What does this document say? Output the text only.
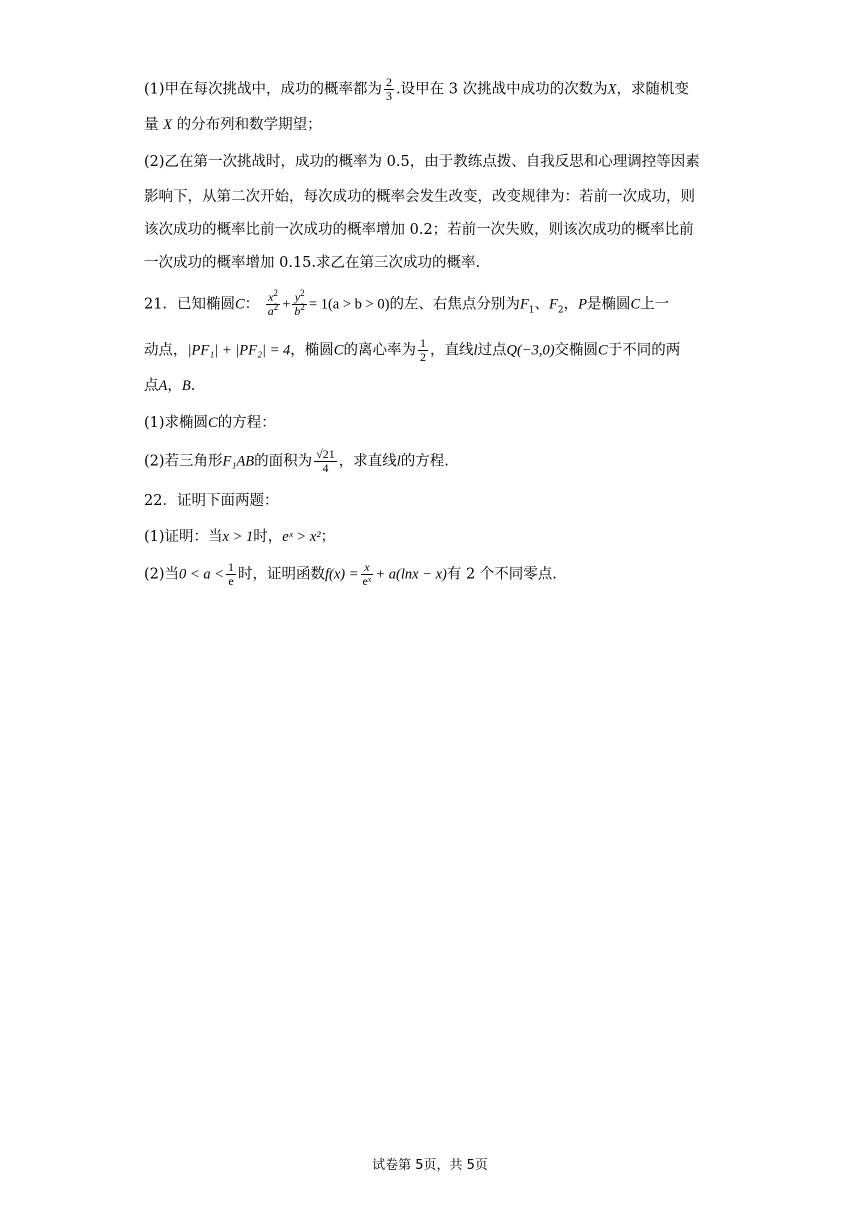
(1)甲在每次挑战中，成功的概率都为 $\frac{2}{3}$ .设甲在 3 次挑战中成功的次数为X，求随机变
量 X 的分布列和数学期望；
(2)乙在第一次挑战时，成功的概率为 0.5，由于教练点拨、自我反思和心理调控等因素
影响下，从第二次开始，每次成功的概率会发生改变，改变规律为：若前一次成功，则
该次成功的概率比前一次成功的概率增加 0.2；若前一次失败，则该次成功的概率比前
一次成功的概率增加 0.15.求乙在第三次成功的概率.
21．已知椭圆C： $\frac{x^2}{a^2} + \frac{y^2}{b^2} = 1(a > b > 0)$的左、右焦点分别为$F_1$、$F_2$，P是椭圆C上一
动点，|PF₁| + |PF₂| = 4，椭圆C的离心率为 $\frac{1}{2}$ ，直线l过点Q(−3,0)交椭圆C于不同的两
点A，B.
(1)求椭圆C的方程：
(2)若三角形F₁AB的面积为 $\frac{√21}{4}$ ，求直线l的方程.
22．证明下面两题：
(1)证明：当x > 1时，eˣ > x²；
(2)当$0 < a < \frac{1}{e}$ 时，证明函数$f(x) = \frac{x}{\text{eˣ}} + a(\ln x - x)$有 2 个不同零点.
试卷第 5页，共 5页
